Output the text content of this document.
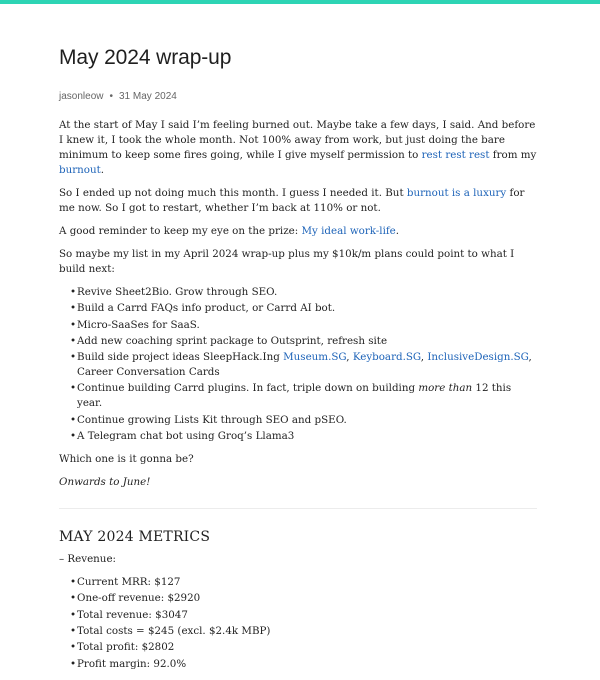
May 2024 wrap-up
jasonleow • 31 May 2024

At the start of May I said I’m feeling burned out. Maybe take a few days, I said. And before I knew it, I took the whole month. Not 100% away from work, but just doing the bare minimum to keep some fires going, while I give myself permission to rest rest rest from my burnout.

So I ended up not doing much this month. I guess I needed it. But burnout is a luxury for me now. So I got to restart, whether I’m back at 110% or not.

A good reminder to keep my eye on the prize: My ideal work-life.

So maybe my list in my April 2024 wrap-up plus my $10k/m plans could point to what I build next:

• Revive Sheet2Bio. Grow through SEO.
• Build a Carrd FAQs info product, or Carrd AI bot.
• Micro-SaaSes for SaaS.
• Add new coaching sprint package to Outsprint, refresh site
• Build side project ideas SleepHack.Ing Museum.SG, Keyboard.SG, InclusiveDesign.SG, Career Conversation Cards
• Continue building Carrd plugins. In fact, triple down on building more than 12 this year.
• Continue growing Lists Kit through SEO and pSEO.
• A Telegram chat bot using Groq’s Llama3

Which one is it gonna be?

Onwards to June!

MAY 2024 METRICS

– Revenue:

• Current MRR: $127
• One-off revenue: $2920
• Total revenue: $3047
• Total costs = $245 (excl. $2.4k MBP)
• Total profit: $2802
• Profit margin: 92.0%
